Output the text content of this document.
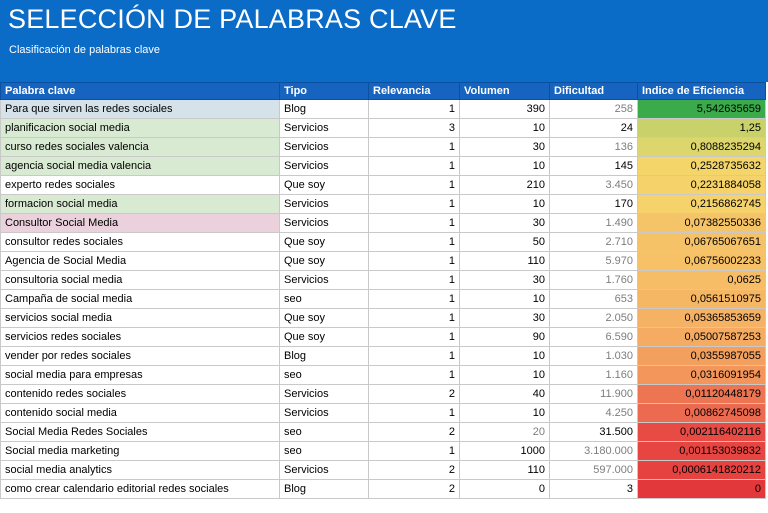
SELECCIÓN DE PALABRAS CLAVE
Clasificación de palabras clave
Palabra clave	Tipo	Relevancia	Volumen	Dificultad	Indice de Eficiencia
Para que sirven las redes sociales	Blog	1	390	258	5,542635659
planificacion social media	Servicios	3	10	24	1,25
curso redes sociales valencia	Servicios	1	30	136	0,8088235294
agencia social media valencia	Servicios	1	10	145	0,2528735632
experto redes sociales	Que soy	1	210	3.450	0,2231884058
formacion social media	Servicios	1	10	170	0,2156862745
Consultor Social Media	Servicios	1	30	1.490	0,07382550336
consultor redes sociales	Que soy	1	50	2.710	0,06765067651
Agencia de Social Media	Que soy	1	110	5.970	0,06756002233
consultoria social media	Servicios	1	30	1.760	0,0625
Campaña de social media	seo	1	10	653	0,0561510975
servicios social media	Que soy	1	30	2.050	0,05365853659
servicios redes sociales	Que soy	1	90	6.590	0,05007587253
vender por redes sociales	Blog	1	10	1.030	0,0355987055
social media para empresas	seo	1	10	1.160	0,0316091954
contenido redes sociales	Servicios	2	40	11.900	0,01120448179
contenido social media	Servicios	1	10	4.250	0,00862745098
Social Media Redes Sociales	seo	2	20	31.500	0,002116402116
Social media marketing	seo	1	1000	3.180.000	0,001153039832
social media analytics	Servicios	2	110	597.000	0,0006141820212
como crear calendario editorial redes sociales	Blog	2	0	3	0
